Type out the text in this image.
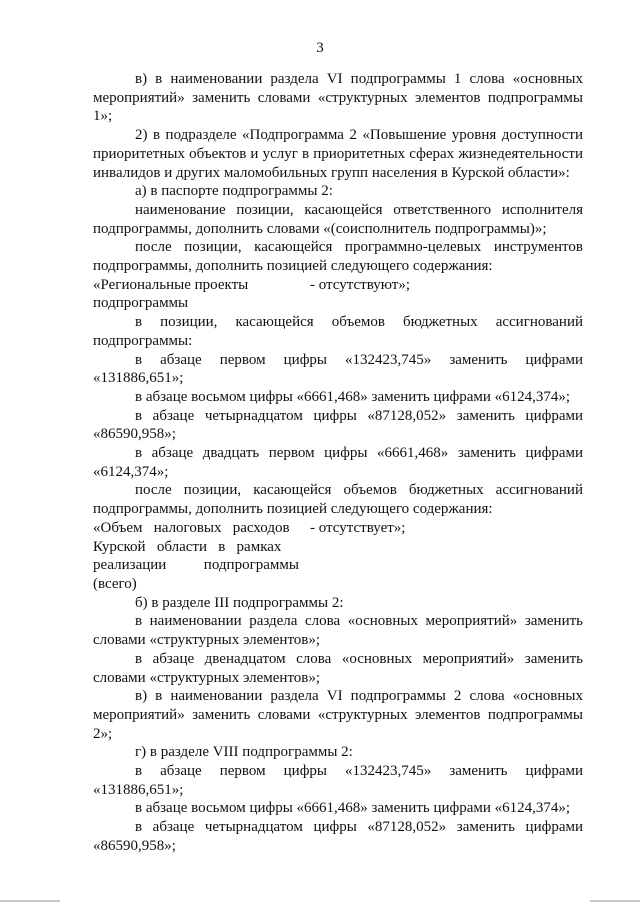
3

в) в наименовании раздела VI подпрограммы 1 слова «основных мероприятий» заменить словами «структурных элементов подпрограммы 1»;

2) в подразделе «Подпрограмма 2 «Повышение уровня доступности приоритетных объектов и услуг в приоритетных сферах жизнедеятельности инвалидов и других маломобильных групп населения в Курской области»:

а) в паспорте подпрограммы 2:

наименование позиции, касающейся ответственного исполнителя подпрограммы, дополнить словами «(соисполнитель подпрограммы)»;

после позиции, касающейся программно-целевых инструментов подпрограммы, дополнить позицией следующего содержания:

«Региональные проекты	- отсутствуют»;
подпрограммы

в позиции, касающейся объемов бюджетных ассигнований подпрограммы:

в абзаце первом цифры «132423,745» заменить цифрами «131886,651»;

в абзаце восьмом цифры «6661,468» заменить цифрами «6124,374»;

в абзаце четырнадцатом цифры «87128,052» заменить цифрами «86590,958»;

в абзаце двадцать первом цифры «6661,468» заменить цифрами «6124,374»;

после позиции, касающейся объемов бюджетных ассигнований подпрограммы, дополнить позицией следующего содержания:

«Объем   налоговых   расходов
Курской   области   в   рамках
реализации          подпрограммы
(всего)
- отсутствует»;

б) в разделе III подпрограммы 2:

в наименовании раздела слова «основных мероприятий» заменить словами «структурных элементов»;

в абзаце двенадцатом слова «основных мероприятий» заменить словами «структурных элементов»;

в) в наименовании раздела VI подпрограммы 2 слова «основных мероприятий» заменить словами «структурных элементов подпрограммы 2»;

г) в разделе VIII подпрограммы 2:

в абзаце первом цифры «132423,745» заменить цифрами «131886,651»;

в абзаце восьмом цифры «6661,468» заменить цифрами «6124,374»;

в абзаце четырнадцатом цифры «87128,052» заменить цифрами «86590,958»;
